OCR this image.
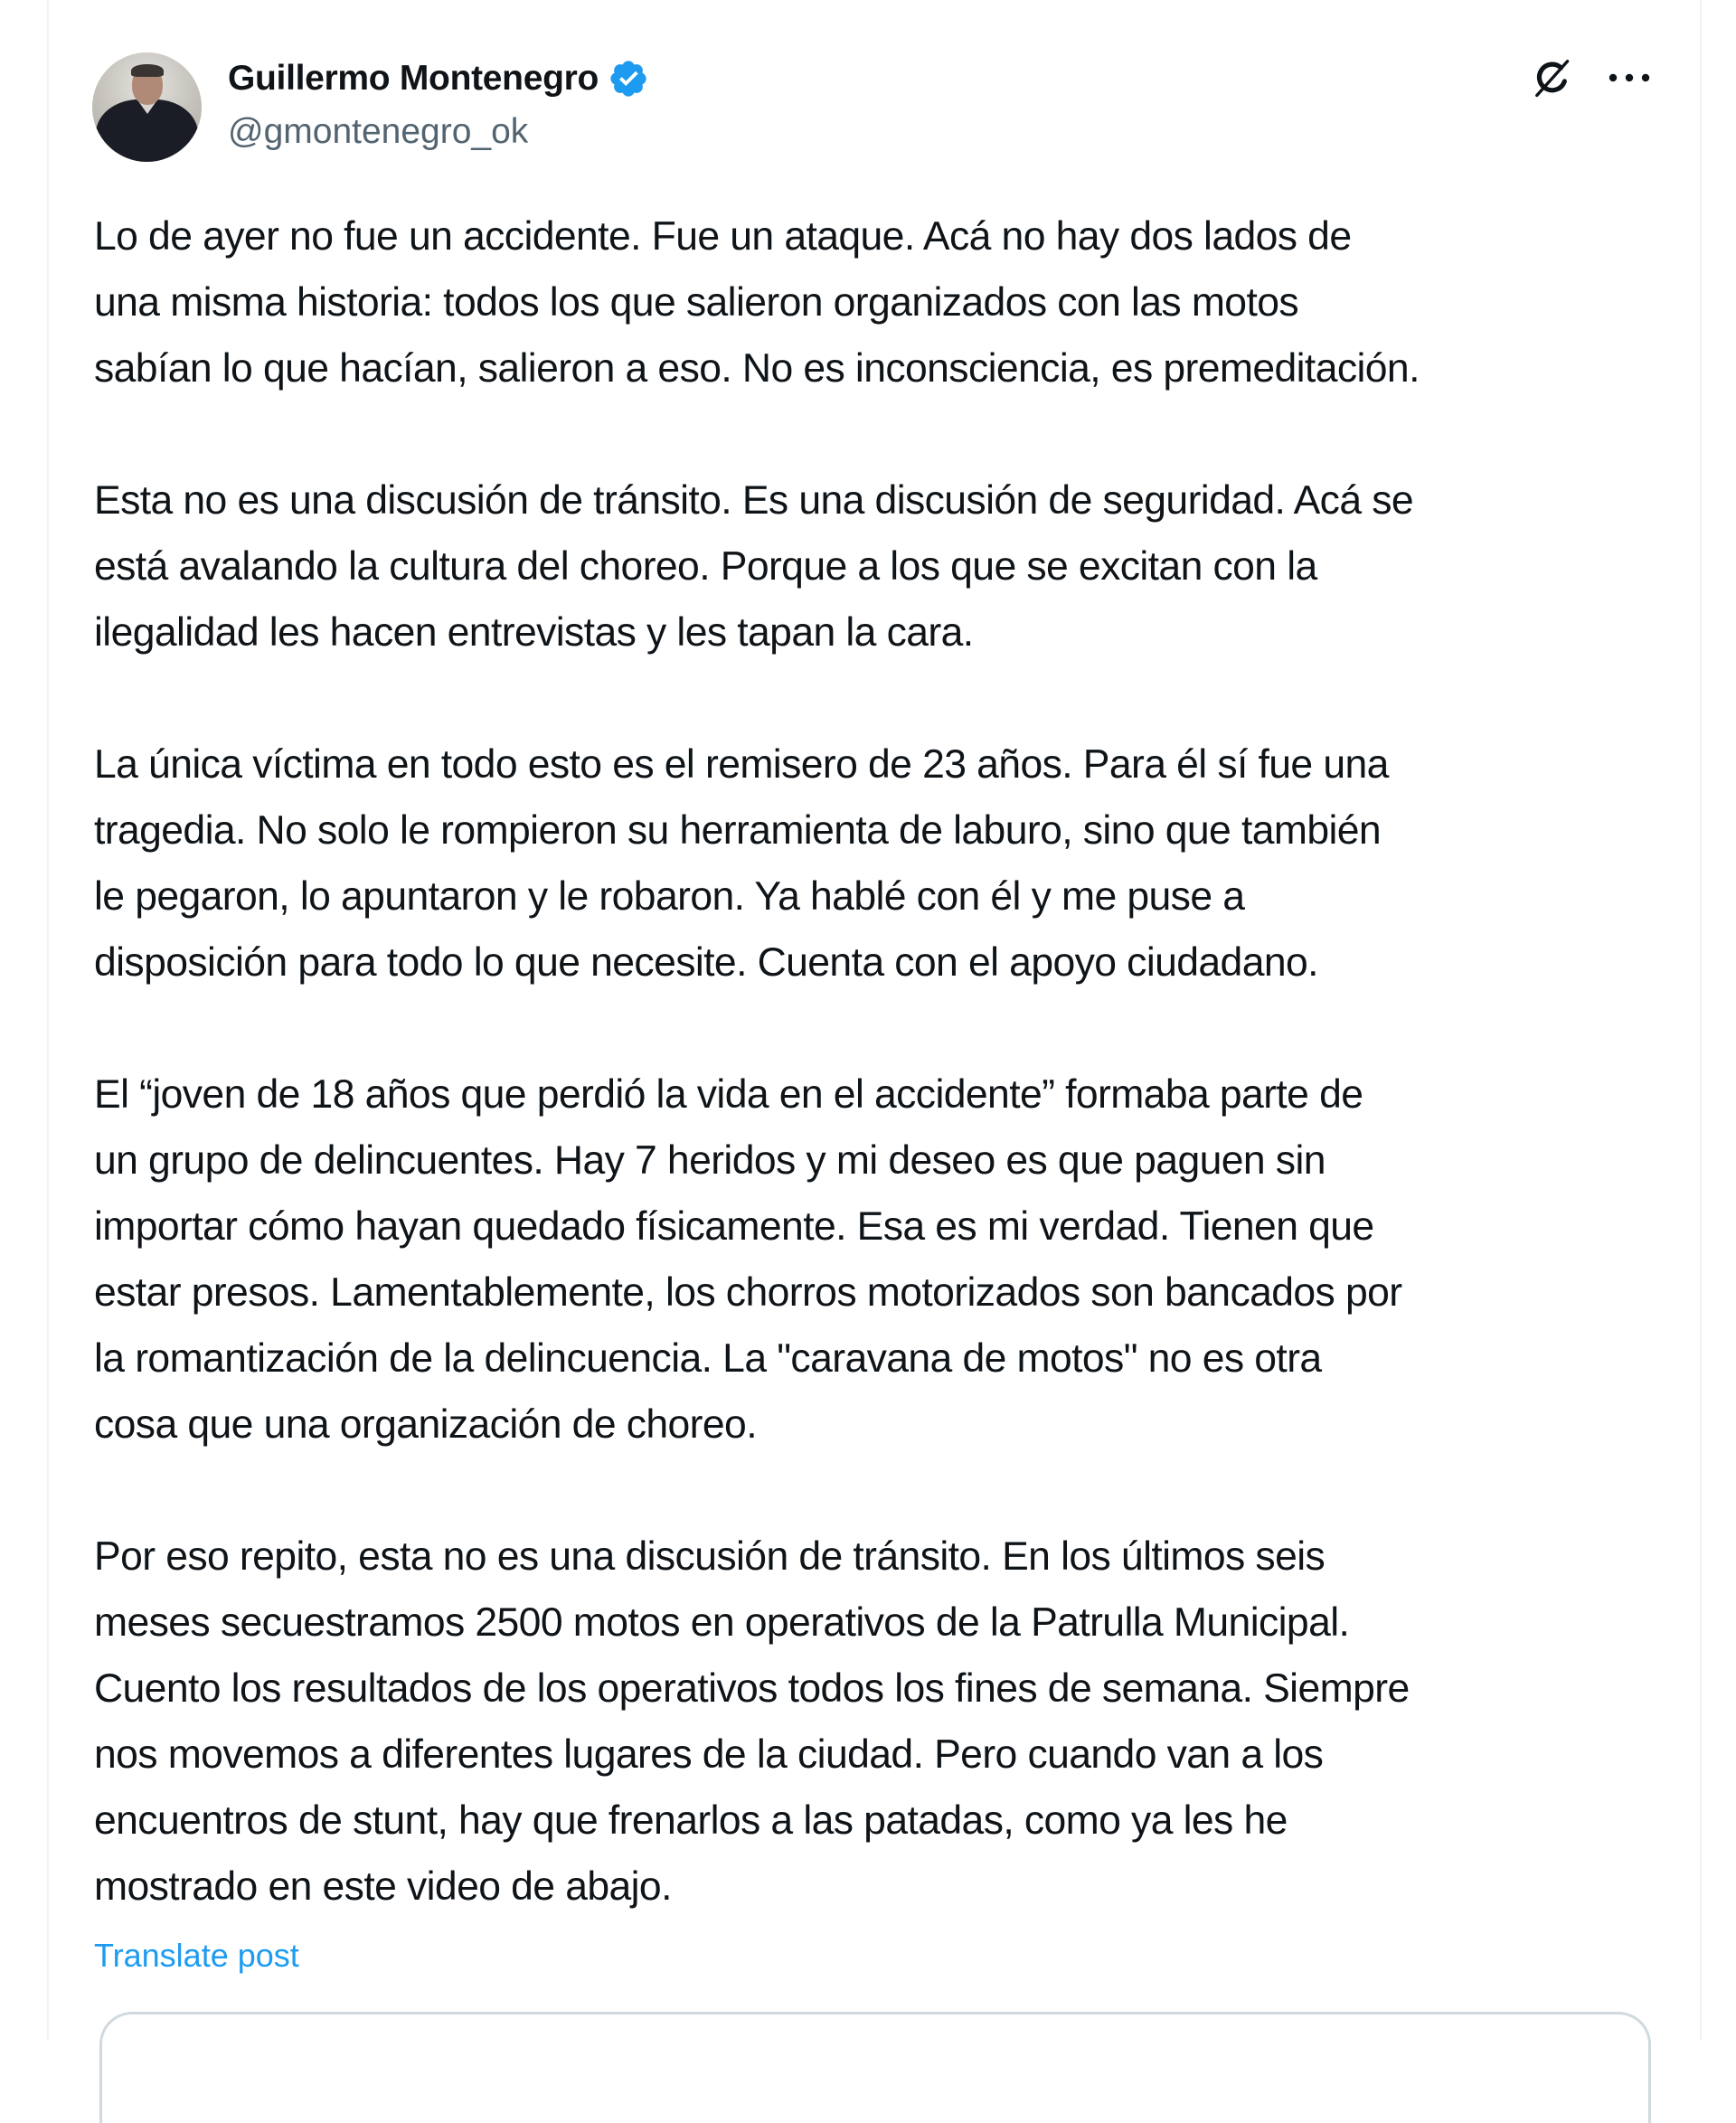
Guillermo Montenegro
@gmontenegro_ok

Lo de ayer no fue un accidente. Fue un ataque. Acá no hay dos lados de
una misma historia: todos los que salieron organizados con las motos
sabían lo que hacían, salieron a eso. No es inconsciencia, es premeditación.

Esta no es una discusión de tránsito. Es una discusión de seguridad. Acá se
está avalando la cultura del choreo. Porque a los que se excitan con la
ilegalidad les hacen entrevistas y les tapan la cara.

La única víctima en todo esto es el remisero de 23 años. Para él sí fue una
tragedia. No solo le rompieron su herramienta de laburo, sino que también
le pegaron, lo apuntaron y le robaron. Ya hablé con él y me puse a
disposición para todo lo que necesite. Cuenta con el apoyo ciudadano.

El “joven de 18 años que perdió la vida en el accidente” formaba parte de
un grupo de delincuentes. Hay 7 heridos y mi deseo es que paguen sin
importar cómo hayan quedado físicamente. Esa es mi verdad. Tienen que
estar presos. Lamentablemente, los chorros motorizados son bancados por
la romantización de la delincuencia. La "caravana de motos" no es otra
cosa que una organización de choreo.

Por eso repito, esta no es una discusión de tránsito. En los últimos seis
meses secuestramos 2500 motos en operativos de la Patrulla Municipal.
Cuento los resultados de los operativos todos los fines de semana. Siempre
nos movemos a diferentes lugares de la ciudad. Pero cuando van a los
encuentros de stunt, hay que frenarlos a las patadas, como ya les he
mostrado en este video de abajo.

Translate post
